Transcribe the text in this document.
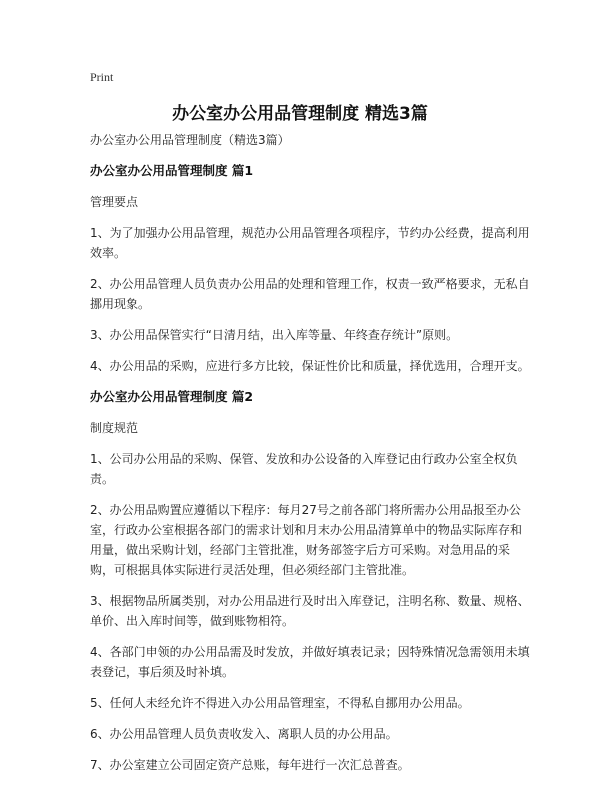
Print
办公室办公用品管理制度 精选3篇

办公室办公用品管理制度（精选3篇）

办公室办公用品管理制度 篇1

管理要点

1、为了加强办公用品管理，规范办公用品管理各项程序，节约办公经费，提高利用效率。

2、办公用品管理人员负责办公用品的处理和管理工作，权责一致严格要求，无私自挪用现象。

3、办公用品保管实行“日清月结，出入库等量、年终查存统计”原则。

4、办公用品的采购，应进行多方比较，保证性价比和质量，择优选用，合理开支。

办公室办公用品管理制度 篇2

制度规范

1、公司办公用品的采购、保管、发放和办公设备的入库登记由行政办公室全权负责。

2、办公用品购置应遵循以下程序：每月27号之前各部门将所需办公用品报至办公室，行政办公室根据各部门的需求计划和月末办公用品清算单中的物品实际库存和用量，做出采购计划，经部门主管批准，财务部签字后方可采购。对急用品的采购，可根据具体实际进行灵活处理，但必须经部门主管批准。

3、根据物品所属类别，对办公用品进行及时出入库登记，注明名称、数量、规格、单价、出入库时间等，做到账物相符。

4、各部门申领的办公用品需及时发放，并做好填表记录；因特殊情况急需领用未填表登记，事后须及时补填。

5、任何人未经允许不得进入办公用品管理室，不得私自挪用办公用品。

6、办公用品管理人员负责收发入、离职人员的办公用品。

7、办公室建立公司固定资产总账，每年进行一次汇总普查。
